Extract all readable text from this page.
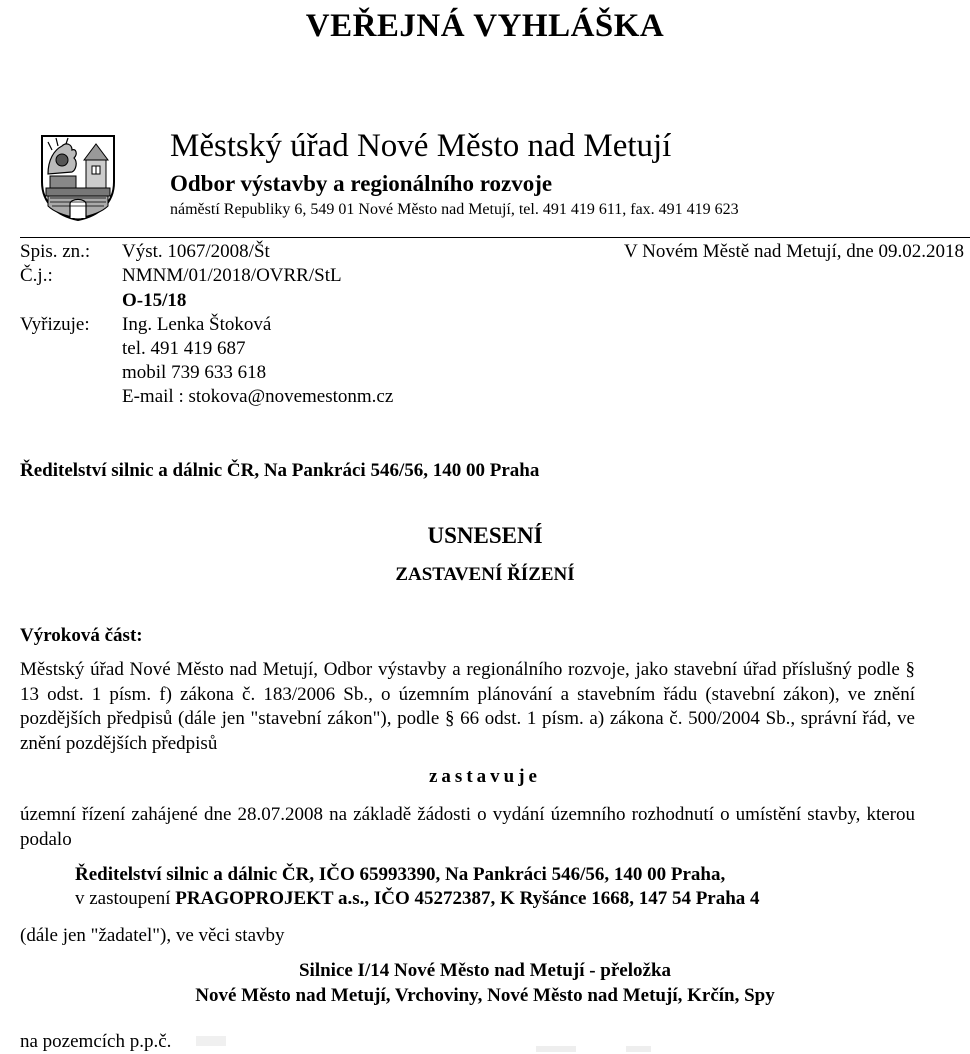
VEŘEJNÁ VYHLÁŠKA
Městský úřad Nové Město nad Metují
Odbor výstavby a regionálního rozvoje
náměstí Republiky 6, 549 01 Nové Město nad Metují, tel. 491 419 611, fax. 491 419 623
Spis. zn.: Výst. 1067/2008/Št	V Novém Městě nad Metují, dne 09.02.2018
Č.j.:	NMNM/01/2018/OVRR/StL
O-15/18
Vyřizuje: Ing. Lenka Štoková
tel. 491 419 687
mobil 739 633 618
E-mail : stokova@novemestonm.cz
Ředitelství silnic a dálnic ČR, Na Pankráci 546/56, 140 00 Praha
USNESENÍ
ZASTAVENÍ ŘÍZENÍ
Výroková část:
Městský úřad Nové Město nad Metují, Odbor výstavby a regionálního rozvoje, jako stavební úřad příslušný podle § 13 odst. 1 písm. f) zákona č. 183/2006 Sb., o územním plánování a stavebním řádu (stavební zákon), ve znění pozdějších předpisů (dále jen "stavební zákon"), podle § 66 odst. 1 písm. a) zákona č. 500/2004 Sb., správní řád, ve znění pozdějších předpisů
zastavuje
územní řízení zahájené dne 28.07.2008 na základě žádosti o vydání územního rozhodnutí o umístění stavby, kterou podalo
Ředitelství silnic a dálnic ČR, IČO 65993390, Na Pankráci 546/56, 140 00 Praha,
v zastoupení PRAGOPROJEKT a.s., IČO 45272387, K Ryšánce 1668, 147 54 Praha 4
(dále jen "žadatel"), ve věci stavby
Silnice I/14 Nové Město nad Metují - přeložka
Nové Město nad Metují, Vrchoviny, Nové Město nad Metují, Krčín, Spy
na pozemcích p.p.č.
